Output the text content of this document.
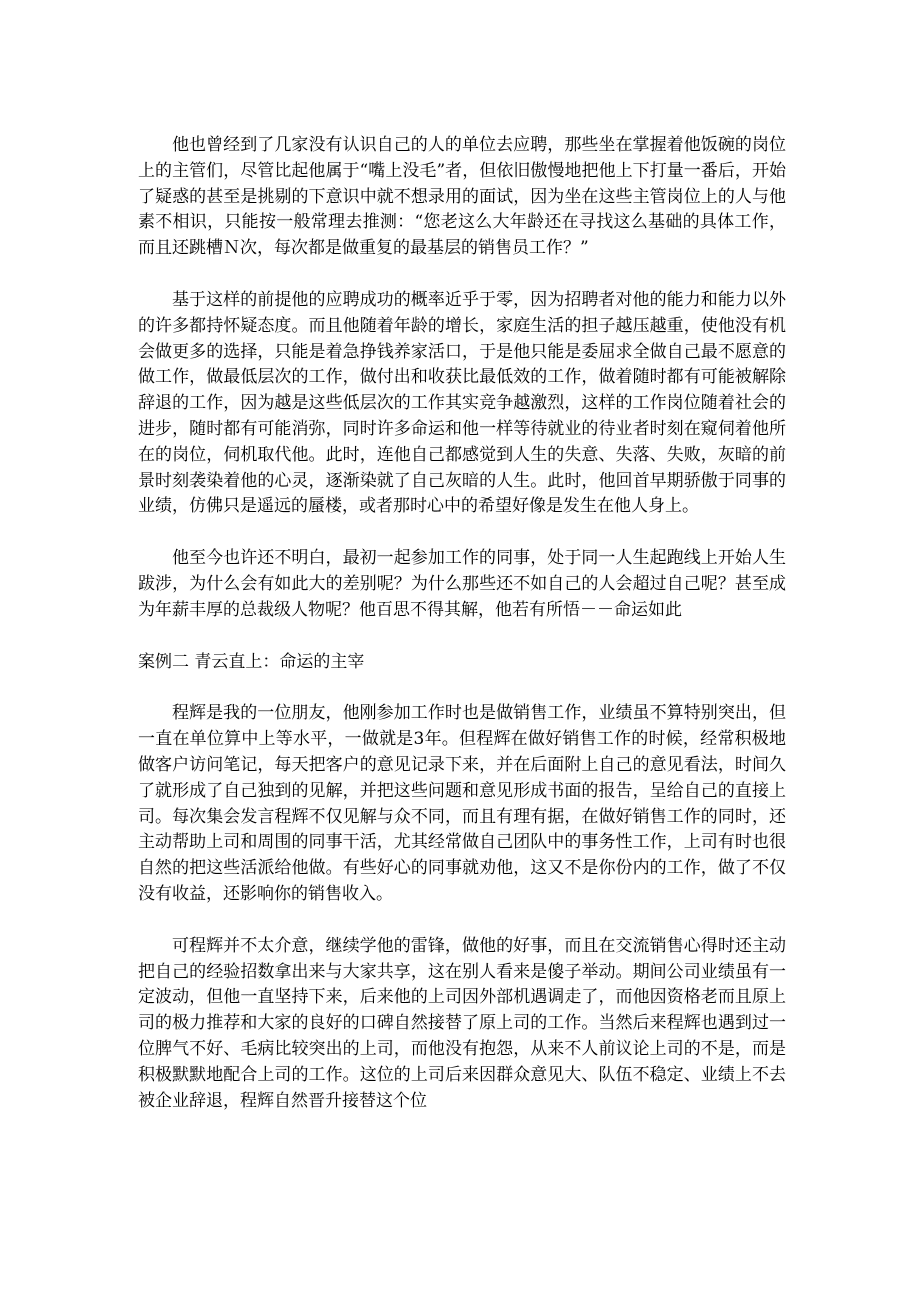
他也曾经到了几家没有认识自己的人的单位去应聘，那些坐在掌握着他饭碗的岗位上的主管们，尽管比起他属于“嘴上没毛”者，但依旧傲慢地把他上下打量一番后，开始了疑惑的甚至是挑剔的下意识中就不想录用的面试，因为坐在这些主管岗位上的人与他素不相识，只能按一般常理去推测：“您老这么大年龄还在寻找这么基础的具体工作，而且还跳槽Ｎ次，每次都是做重复的最基层的销售员工作？”

基于这样的前提他的应聘成功的概率近乎于零，因为招聘者对他的能力和能力以外的许多都持怀疑态度。而且他随着年龄的增长，家庭生活的担子越压越重，使他没有机会做更多的选择，只能是着急挣钱养家活口，于是他只能是委屈求全做自己最不愿意的做工作，做最低层次的工作，做付出和收获比最低效的工作，做着随时都有可能被解除辞退的工作，因为越是这些低层次的工作其实竞争越激烈，这样的工作岗位随着社会的进步，随时都有可能消弥，同时许多命运和他一样等待就业的待业者时刻在窥伺着他所在的岗位，伺机取代他。此时，连他自己都感觉到人生的失意、失落、失败，灰暗的前景时刻袭染着他的心灵，逐渐染就了自己灰暗的人生。此时，他回首早期骄傲于同事的业绩，仿佛只是遥远的蜃楼，或者那时心中的希望好像是发生在他人身上。

他至今也许还不明白，最初一起参加工作的同事，处于同一人生起跑线上开始人生跋涉，为什么会有如此大的差别呢？为什么那些还不如自己的人会超过自己呢？甚至成为年薪丰厚的总裁级人物呢？他百思不得其解，他若有所悟－－命运如此

案例二 青云直上：命运的主宰

程辉是我的一位朋友，他刚参加工作时也是做销售工作，业绩虽不算特别突出，但一直在单位算中上等水平，一做就是3年。但程辉在做好销售工作的时候，经常积极地做客户访问笔记，每天把客户的意见记录下来，并在后面附上自己的意见看法，时间久了就形成了自己独到的见解，并把这些问题和意见形成书面的报告，呈给自己的直接上司。每次集会发言程辉不仅见解与众不同，而且有理有据，在做好销售工作的同时，还主动帮助上司和周围的同事干活，尤其经常做自己团队中的事务性工作，上司有时也很自然的把这些活派给他做。有些好心的同事就劝他，这又不是你份内的工作，做了不仅没有收益，还影响你的销售收入。

可程辉并不太介意，继续学他的雷锋，做他的好事，而且在交流销售心得时还主动把自己的经验招数拿出来与大家共享，这在别人看来是傻子举动。期间公司业绩虽有一定波动，但他一直坚持下来，后来他的上司因外部机遇调走了，而他因资格老而且原上司的极力推荐和大家的良好的口碑自然接替了原上司的工作。当然后来程辉也遇到过一位脾气不好、毛病比较突出的上司，而他没有抱怨，从来不人前议论上司的不是，而是积极默默地配合上司的工作。这位的上司后来因群众意见大、队伍不稳定、业绩上不去被企业辞退，程辉自然晋升接替这个位
